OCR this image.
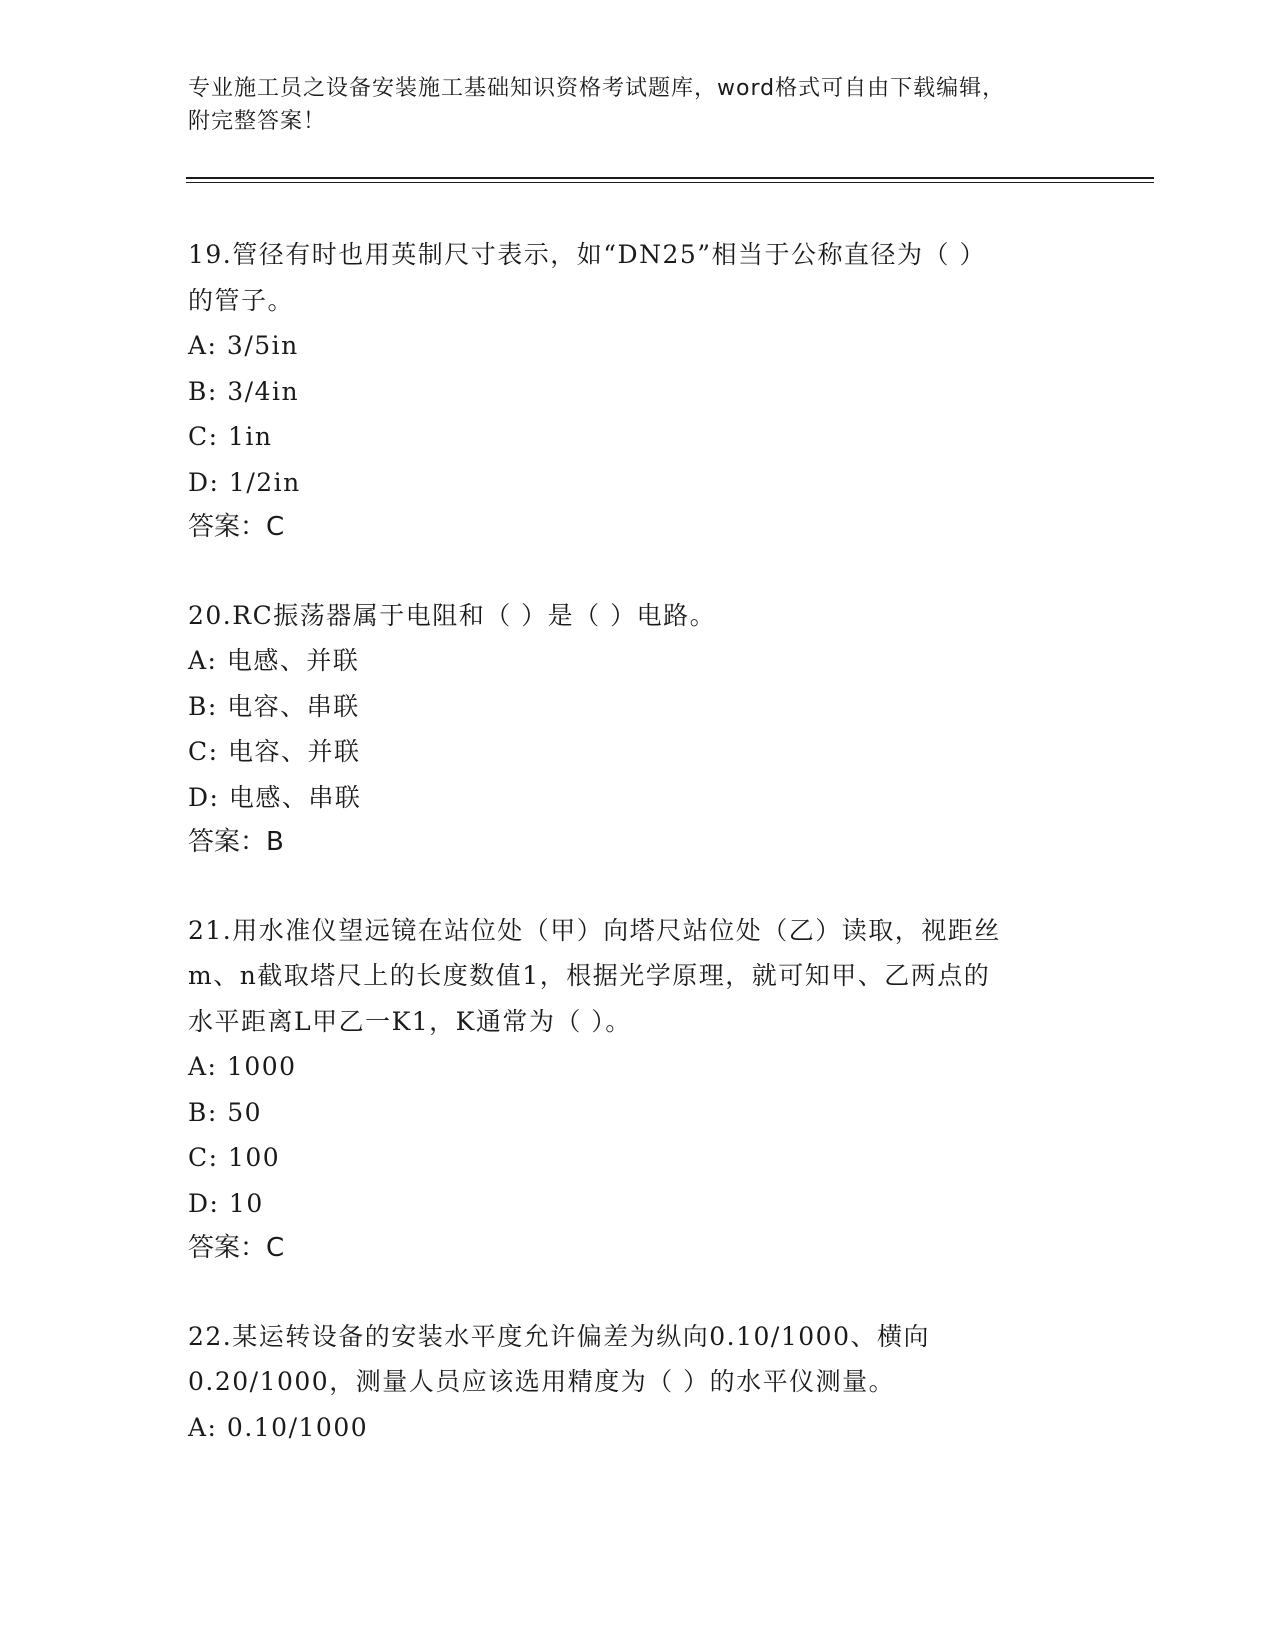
专业施工员之设备安装施工基础知识资格考试题库，word格式可自由下载编辑，
附完整答案！
19.管径有时也用英制尺寸表示，如“DN25”相当于公称直径为（ ）
的管子。
A: 3/5in
B: 3/4in
C: 1in
D: 1/2in
答案：C
20.RC振荡器属于电阻和（ ）是（ ）电路。
A: 电感、并联
B: 电容、串联
C: 电容、并联
D: 电感、串联
答案：B
21.用水准仪望远镜在站位处（甲）向塔尺站位处（乙）读取，视距丝
m、n截取塔尺上的长度数值1，根据光学原理，就可知甲、乙两点的
水平距离L甲乙一K1，K通常为（ ）。
A: 1000
B: 50
C: 100
D: 10
答案：C
22.某运转设备的安装水平度允许偏差为纵向0.10/1000、横向
0.20/1000，测量人员应该选用精度为（ ）的水平仪测量。
A: 0.10/1000
